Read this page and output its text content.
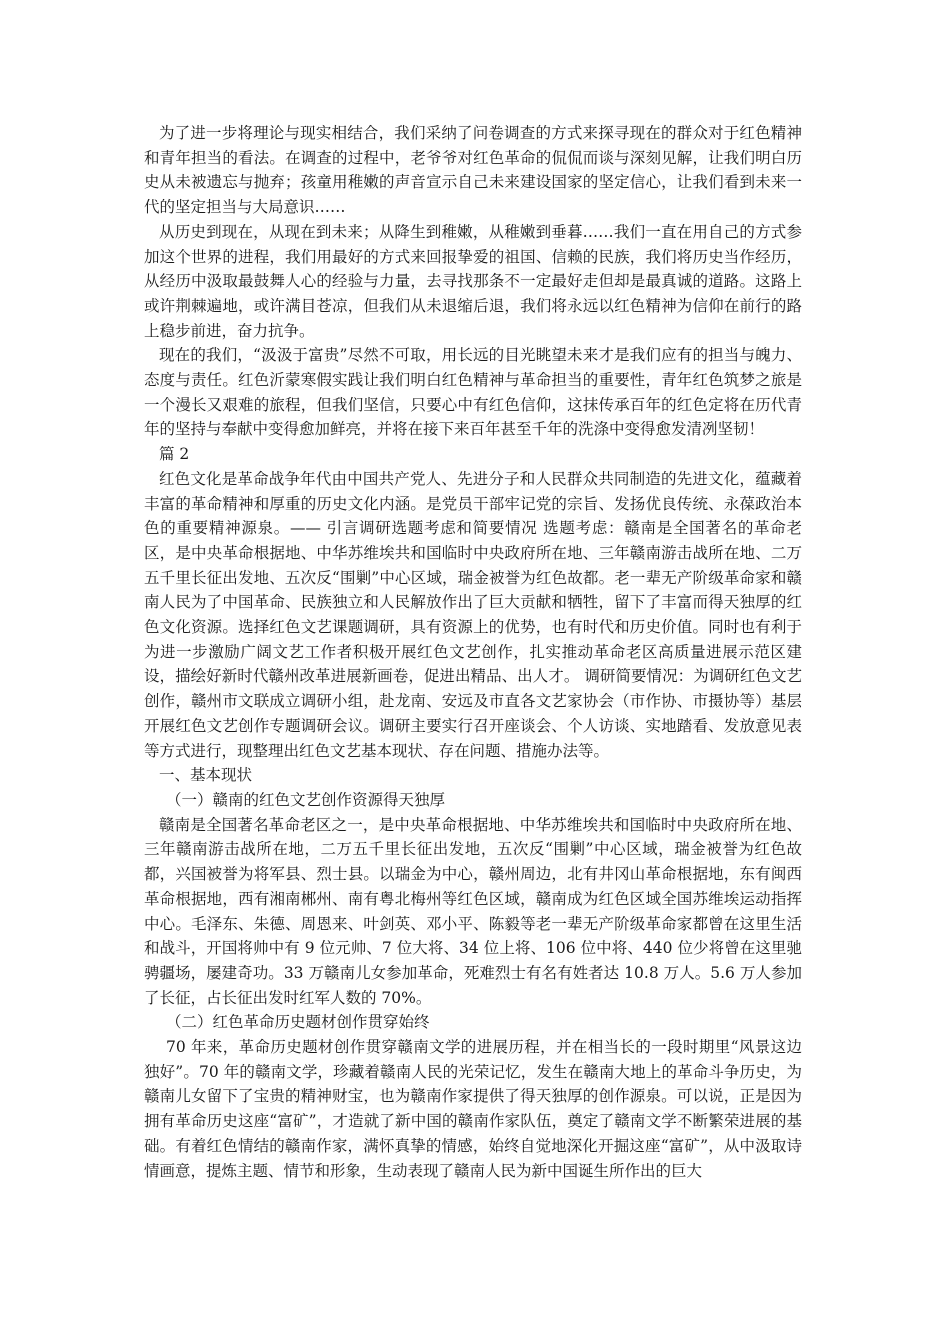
为了进一步将理论与现实相结合，我们采纳了问卷调查的方式来探寻现在的群众对于红色精神和青年担当的看法。在调查的过程中，老爷爷对红色革命的侃侃而谈与深刻见解，让我们明白历史从未被遗忘与抛弃；孩童用稚嫩的声音宣示自己未来建设国家的坚定信心，让我们看到未来一代的坚定担当与大局意识……

从历史到现在，从现在到未来；从降生到稚嫩，从稚嫩到垂暮……我们一直在用自己的方式参加这个世界的进程，我们用最好的方式来回报挚爱的祖国、信赖的民族，我们将历史当作经历，从经历中汲取最鼓舞人心的经验与力量，去寻找那条不一定最好走但却是最真诚的道路。这路上或许荆棘遍地，或许满目苍凉，但我们从未退缩后退，我们将永远以红色精神为信仰在前行的路上稳步前进，奋力抗争。

现在的我们，“汲汲于富贵”尽然不可取，用长远的目光眺望未来才是我们应有的担当与魄力、态度与责任。红色沂蒙寒假实践让我们明白红色精神与革命担当的重要性，青年红色筑梦之旅是一个漫长又艰难的旅程，但我们坚信，只要心中有红色信仰，这抹传承百年的红色定将在历代青年的坚持与奉献中变得愈加鲜亮，并将在接下来百年甚至千年的洗涤中变得愈发清冽坚韧！

篇 2

红色文化是革命战争年代由中国共产党人、先进分子和人民群众共同制造的先进文化，蕴藏着丰富的革命精神和厚重的历史文化内涵。是党员干部牢记党的宗旨、发扬优良传统、永葆政治本色的重要精神源泉。—— 引言调研选题考虑和简要情况 选题考虑：赣南是全国著名的革命老区，是中央革命根据地、中华苏维埃共和国临时中央政府所在地、三年赣南游击战所在地、二万五千里长征出发地、五次反“围剿”中心区域，瑞金被誉为红色故都。老一辈无产阶级革命家和赣南人民为了中国革命、民族独立和人民解放作出了巨大贡献和牺牲，留下了丰富而得天独厚的红色文化资源。选择红色文艺课题调研，具有资源上的优势，也有时代和历史价值。同时也有利于为进一步激励广阔文艺工作者积极开展红色文艺创作，扎实推动革命老区高质量进展示范区建设，描绘好新时代赣州改革进展新画卷，促进出精品、出人才。 调研简要情况：为调研红色文艺创作，赣州市文联成立调研小组，赴龙南、安远及市直各文艺家协会（市作协、市摄协等）基层开展红色文艺创作专题调研会议。调研主要实行召开座谈会、个人访谈、实地踏看、发放意见表等方式进行，现整理出红色文艺基本现状、存在问题、措施办法等。

一、基本现状

（一）赣南的红色文艺创作资源得天独厚

赣南是全国著名革命老区之一，是中央革命根据地、中华苏维埃共和国临时中央政府所在地、三年赣南游击战所在地，二万五千里长征出发地，五次反“围剿”中心区域，瑞金被誉为红色故都，兴国被誉为将军县、烈士县。以瑞金为中心，赣州周边，北有井冈山革命根据地，东有闽西革命根据地，西有湘南郴州、南有粤北梅州等红色区域，赣南成为红色区域全国苏维埃运动指挥中心。毛泽东、朱德、周恩来、叶剑英、邓小平、陈毅等老一辈无产阶级革命家都曾在这里生活和战斗，开国将帅中有 9 位元帅、7 位大将、34 位上将、106 位中将、440 位少将曾在这里驰骋疆场，屡建奇功。33 万赣南儿女参加革命，死难烈士有名有姓者达 10.8 万人。5.6 万人参加了长征，占长征出发时红军人数的 70%。

（二）红色革命历史题材创作贯穿始终

70 年来，革命历史题材创作贯穿赣南文学的进展历程，并在相当长的一段时期里“风景这边独好”。70 年的赣南文学，珍藏着赣南人民的光荣记忆，发生在赣南大地上的革命斗争历史，为赣南儿女留下了宝贵的精神财宝，也为赣南作家提供了得天独厚的创作源泉。可以说，正是因为拥有革命历史这座“富矿”，才造就了新中国的赣南作家队伍，奠定了赣南文学不断繁荣进展的基础。有着红色情结的赣南作家，满怀真挚的情感，始终自觉地深化开掘这座“富矿”，从中汲取诗情画意，提炼主题、情节和形象，生动表现了赣南人民为新中国诞生所作出的巨大
